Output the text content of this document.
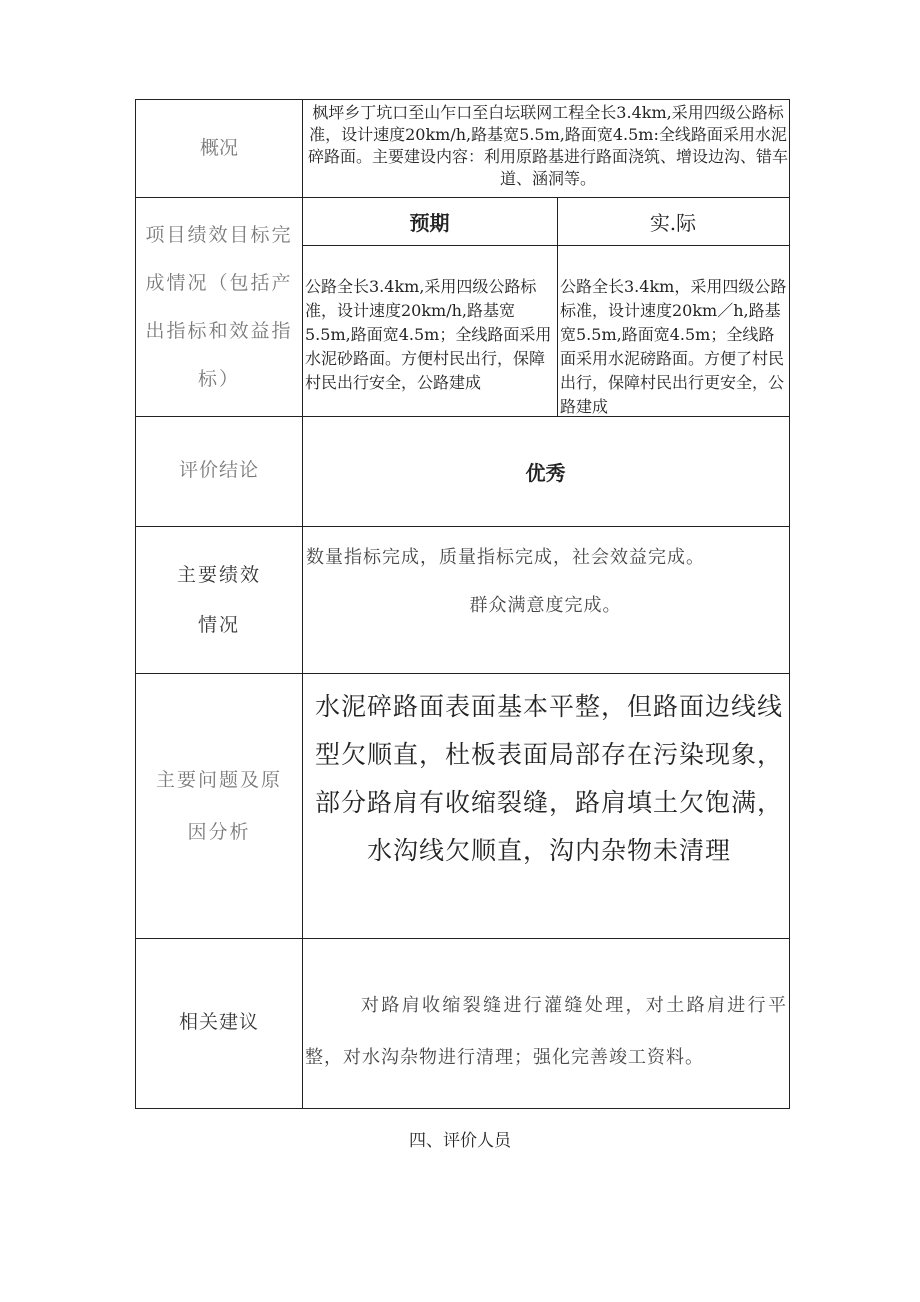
概况
枫坪乡丁坑口至山乍口至白坛联网工程全长3.4km,采用四级公路标准，设计速度20km/h,路基宽5.5m,路面宽4.5m:全线路面采用水泥碎路面。主要建设内容：利用原路基进行路面浇筑、增设边沟、错车道、涵洞等。
项目绩效目标完成情况（包括产出指标和效益指标）
预期	实.际
公路全长3.4km,采用四级公路标准，设计速度20km/h,路基宽5.5m,路面宽4.5m；全线路面采用水泥砂路面。方便村民出行，保障村民出行安全，公路建成
公路全长3.4km，采用四级公路标准，设计速度20km／h,路基宽5.5m,路面宽4.5m；全线路面采用水泥磅路面。方便了村民出行，保障村民出行更安全，公路建成
评价结论	优秀
主要绩效情况
数量指标完成，质量指标完成，社会效益完成。
群众满意度完成。
主要问题及原因分析
水泥碎路面表面基本平整，但路面边线线型欠顺直，杜板表面局部存在污染现象，部分路肩有收缩裂缝，路肩填土欠饱满，水沟线欠顺直，沟内杂物未清理
相关建议
对路肩收缩裂缝进行灌缝处理，对土路肩进行平整，对水沟杂物进行清理；强化完善竣工资料。
四、评价人员
